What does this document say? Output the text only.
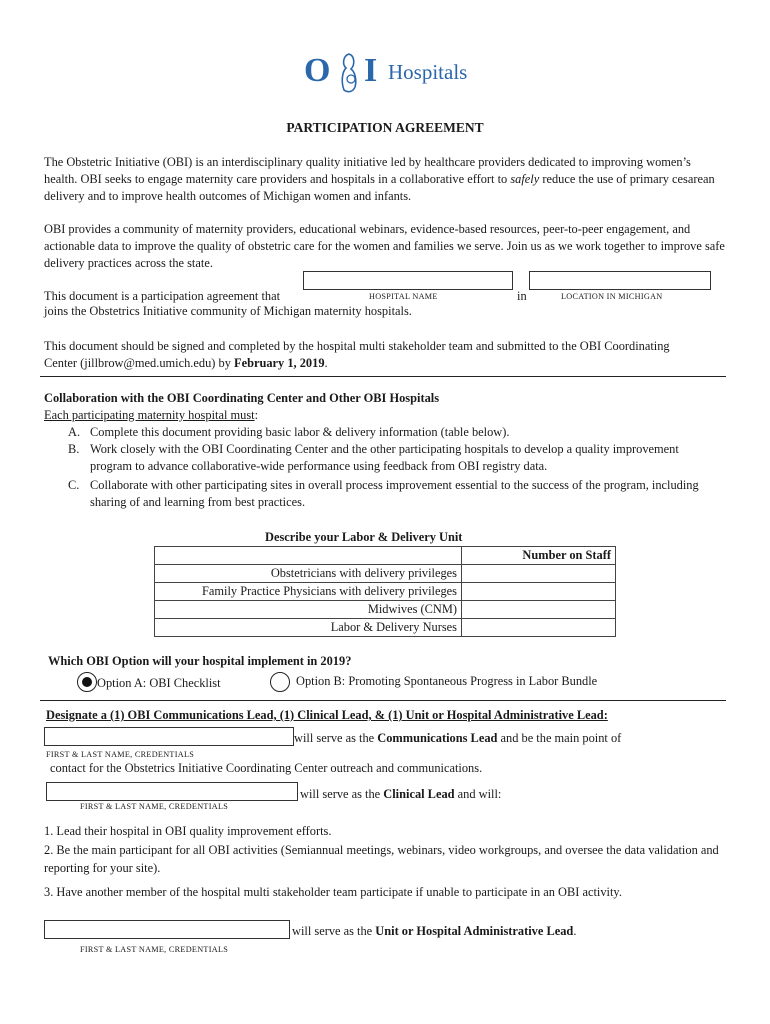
O I Hospitals
PARTICIPATION AGREEMENT
The Obstetric Initiative (OBI) is an interdisciplinary quality initiative led by healthcare providers dedicated to improving women’s health. OBI seeks to engage maternity care providers and hospitals in a collaborative effort to safely reduce the use of primary cesarean delivery and to improve health outcomes of Michigan women and infants.
OBI provides a community of maternity providers, educational webinars, evidence-based resources, peer-to-peer engagement, and actionable data to improve the quality of obstetric care for the women and families we serve. Join us as we work together to improve safe delivery practices across the state.
This document is a participation agreement that	HOSPITAL NAME	in	LOCATION IN MICHIGAN
joins the Obstetrics Initiative community of Michigan maternity hospitals.
This document should be signed and completed by the hospital multi stakeholder team and submitted to the OBI Coordinating Center (jillbrow@med.umich.edu) by February 1, 2019.
Collaboration with the OBI Coordinating Center and Other OBI Hospitals
Each participating maternity hospital must:
A. Complete this document providing basic labor & delivery information (table below).
B. Work closely with the OBI Coordinating Center and the other participating hospitals to develop a quality improvement program to advance collaborative-wide performance using feedback from OBI registry data.
C. Collaborate with other participating sites in overall process improvement essential to the success of the program, including sharing of and learning from best practices.
Describe your Labor & Delivery Unit
	Number on Staff
Obstetricians with delivery privileges	
Family Practice Physicians with delivery privileges	
Midwives (CNM)	
Labor & Delivery Nurses	
Which OBI Option will your hospital implement in 2019?
Option A: OBI Checklist	Option B: Promoting Spontaneous Progress in Labor Bundle
Designate a (1) OBI Communications Lead, (1) Clinical Lead, & (1) Unit or Hospital Administrative Lead:
will serve as the Communications Lead and be the main point of
FIRST & LAST NAME, CREDENTIALS
contact for the Obstetrics Initiative Coordinating Center outreach and communications.
will serve as the Clinical Lead and will:
FIRST & LAST NAME, CREDENTIALS
1. Lead their hospital in OBI quality improvement efforts.
2. Be the main participant for all OBI activities (Semiannual meetings, webinars, video workgroups, and oversee the data validation and reporting for your site).
3. Have another member of the hospital multi stakeholder team participate if unable to participate in an OBI activity.
will serve as the Unit or Hospital Administrative Lead.
FIRST & LAST NAME, CREDENTIALS
